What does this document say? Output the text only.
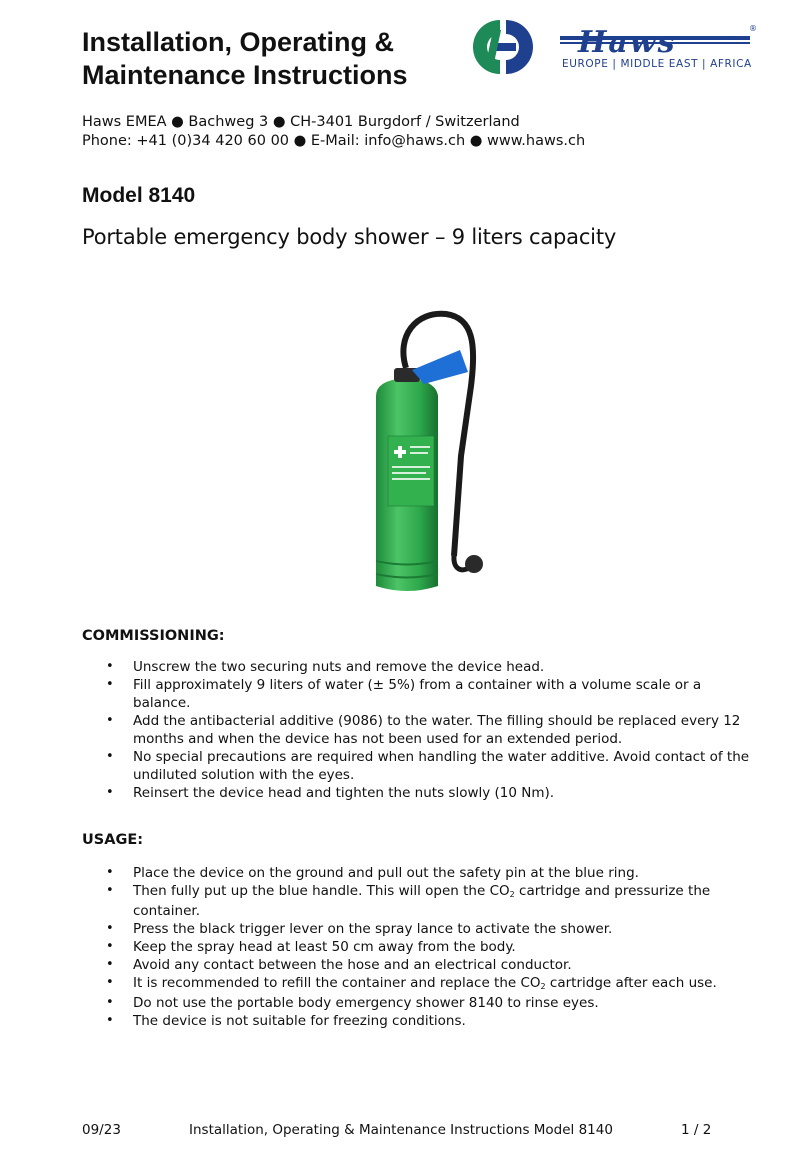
Installation, Operating &
Maintenance Instructions
Haws	®
EUROPE | MIDDLE EAST | AFRICA
Haws EMEA ● Bachweg 3 ● CH-3401 Burgdorf / Switzerland
Phone: +41 (0)34 420 60 00 ● E-Mail: info@haws.ch ● www.haws.ch
Model 8140
Portable emergency body shower – 9 liters capacity
COMMISSIONING:
• Unscrew the two securing nuts and remove the device head.
• Fill approximately 9 liters of water (± 5%) from a container with a volume scale or a balance.
• Add the antibacterial additive (9086) to the water. The filling should be replaced every 12 months and when the device has not been used for an extended period.
• No special precautions are required when handling the water additive. Avoid contact of the undiluted solution with the eyes.
• Reinsert the device head and tighten the nuts slowly (10 Nm).
USAGE:
• Place the device on the ground and pull out the safety pin at the blue ring.
• Then fully put up the blue handle. This will open the $CO_2$ cartridge and pressurize the container.
• Press the black trigger lever on the spray lance to activate the shower.
• Keep the spray head at least 50 cm away from the body.
• Avoid any contact between the hose and an electrical conductor.
• It is recommended to refill the container and replace the $CO_2$ cartridge after each use.
• Do not use the portable body emergency shower 8140 to rinse eyes.
• The device is not suitable for freezing conditions.
09/23	Installation, Operating & Maintenance Instructions Model 8140	1 / 2
